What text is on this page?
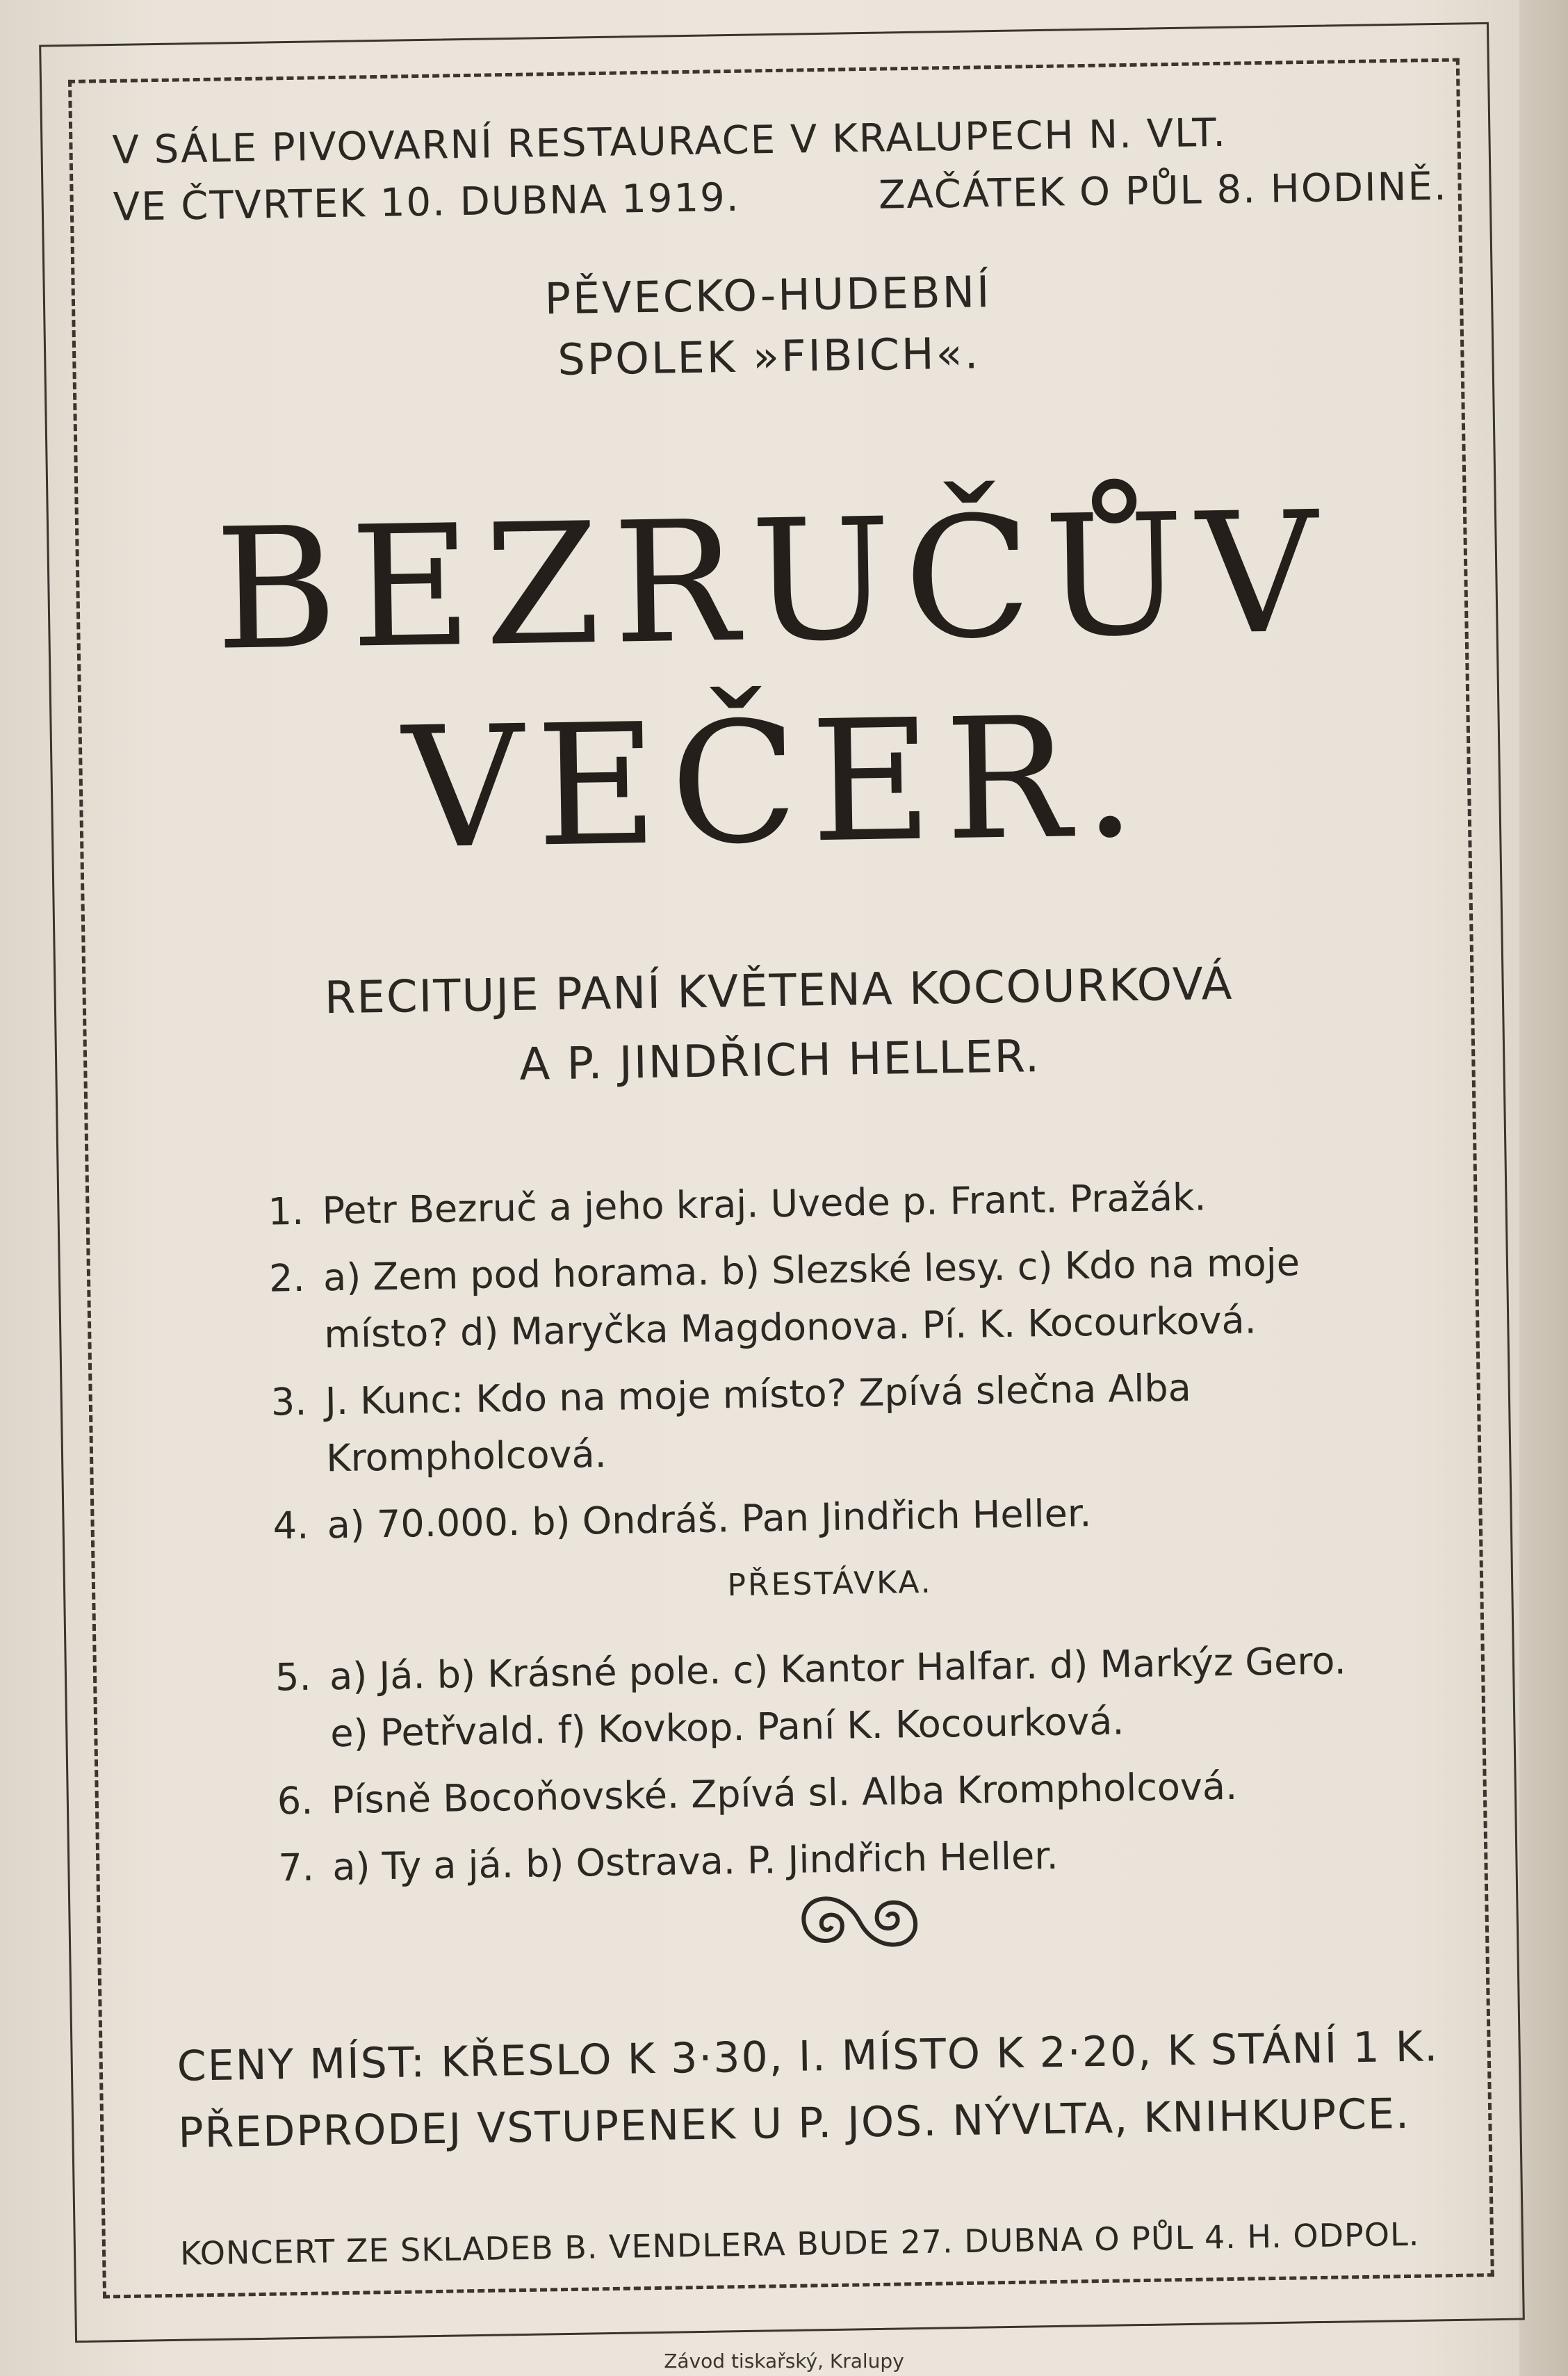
V SÁLE PIVOVARNÍ RESTAURACE V KRALUPECH N. VLT.
VE ČTVRTEK 10. DUBNA 1919.	ZAČÁTEK O PŮL 8. HODINĚ.
PĚVECKO-HUDEBNÍ
SPOLEK »FIBICH«.
BEZRUČŮV
VEČER.
RECITUJE PANÍ KVĚTENA KOCOURKOVÁ
A P. JINDŘICH HELLER.
1. Petr Bezruč a jeho kraj. Uvede p. Frant. Pražák.
2. a) Zem pod horama. b) Slezské lesy. c) Kdo na moje místo? d) Maryčka Magdonova. Pí. K. Kocourková.
3. J. Kunc: Kdo na moje místo? Zpívá slečna Alba Krompholcová.
4. a) 70.000. b) Ondráš. Pan Jindřich Heller.
PŘESTÁVKA.
5. a) Já. b) Krásné pole. c) Kantor Halfar. d) Markýz Gero. e) Petřvald. f) Kovkop. Paní K. Kocourková.
6. Písně Bocoňovské. Zpívá sl. Alba Krompholcová.
7. a) Ty a já. b) Ostrava. P. Jindřich Heller.
CENY MÍST: KŘESLO K 3·30, I. MÍSTO K 2·20, K STÁNÍ 1 K.
PŘEDPRODEJ VSTUPENEK U P. JOS. NÝVLTA, KNIHKUPCE.
KONCERT ZE SKLADEB B. VENDLERA BUDE 27. DUBNA O PŮL 4. H. ODPOL.
Závod tiskařský, Kralupy
